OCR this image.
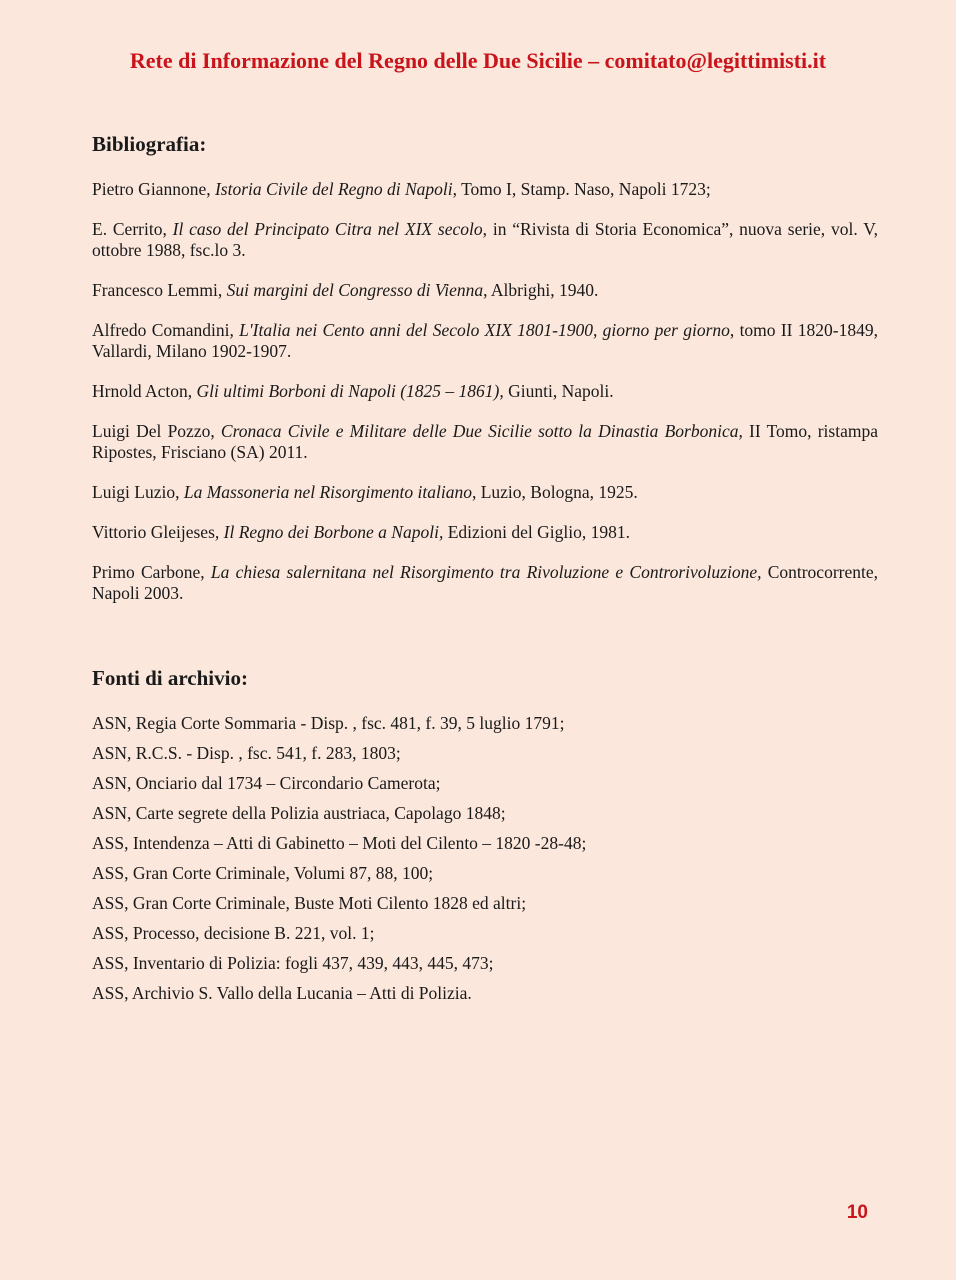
Rete di Informazione del Regno delle Due Sicilie – comitato@legittimisti.it
Bibliografia:

Pietro Giannone, Istoria Civile del Regno di Napoli, Tomo I, Stamp. Naso, Napoli 1723;

E. Cerrito, Il caso del Principato Citra nel XIX secolo, in “Rivista di Storia Economica”, nuova serie, vol. V, ottobre 1988, fsc.lo 3.

Francesco Lemmi, Sui margini del Congresso di Vienna, Albrighi, 1940.

Alfredo Comandini, L'Italia nei Cento anni del Secolo XIX 1801-1900, giorno per giorno, tomo II 1820-1849, Vallardi, Milano 1902-1907.

Hrnold Acton, Gli ultimi Borboni di Napoli (1825 – 1861), Giunti, Napoli.

Luigi Del Pozzo, Cronaca Civile e Militare delle Due Sicilie sotto la Dinastia Borbonica, II Tomo, ristampa Ripostes, Frisciano (SA) 2011.

Luigi Luzio, La Massoneria nel Risorgimento italiano, Luzio, Bologna, 1925.

Vittorio Gleijeses, Il Regno dei Borbone a Napoli, Edizioni del Giglio, 1981.

Primo Carbone, La chiesa salernitana nel Risorgimento tra Rivoluzione e Controrivoluzione, Controcorrente, Napoli 2003.

Fonti di archivio:

ASN, Regia Corte Sommaria - Disp. , fsc. 481, f. 39, 5 luglio 1791;

ASN, R.C.S. - Disp. , fsc. 541, f. 283, 1803;

ASN, Onciario dal 1734 – Circondario Camerota;

ASN, Carte segrete della Polizia austriaca, Capolago 1848;

ASS, Intendenza – Atti di Gabinetto – Moti del Cilento – 1820 -28-48;

ASS, Gran Corte Criminale, Volumi 87, 88, 100;

ASS, Gran Corte Criminale, Buste Moti Cilento 1828 ed altri;

ASS, Processo, decisione B. 221, vol. 1;

ASS, Inventario di Polizia: fogli 437, 439, 443, 445, 473;

ASS, Archivio S. Vallo della Lucania – Atti di Polizia.

10
